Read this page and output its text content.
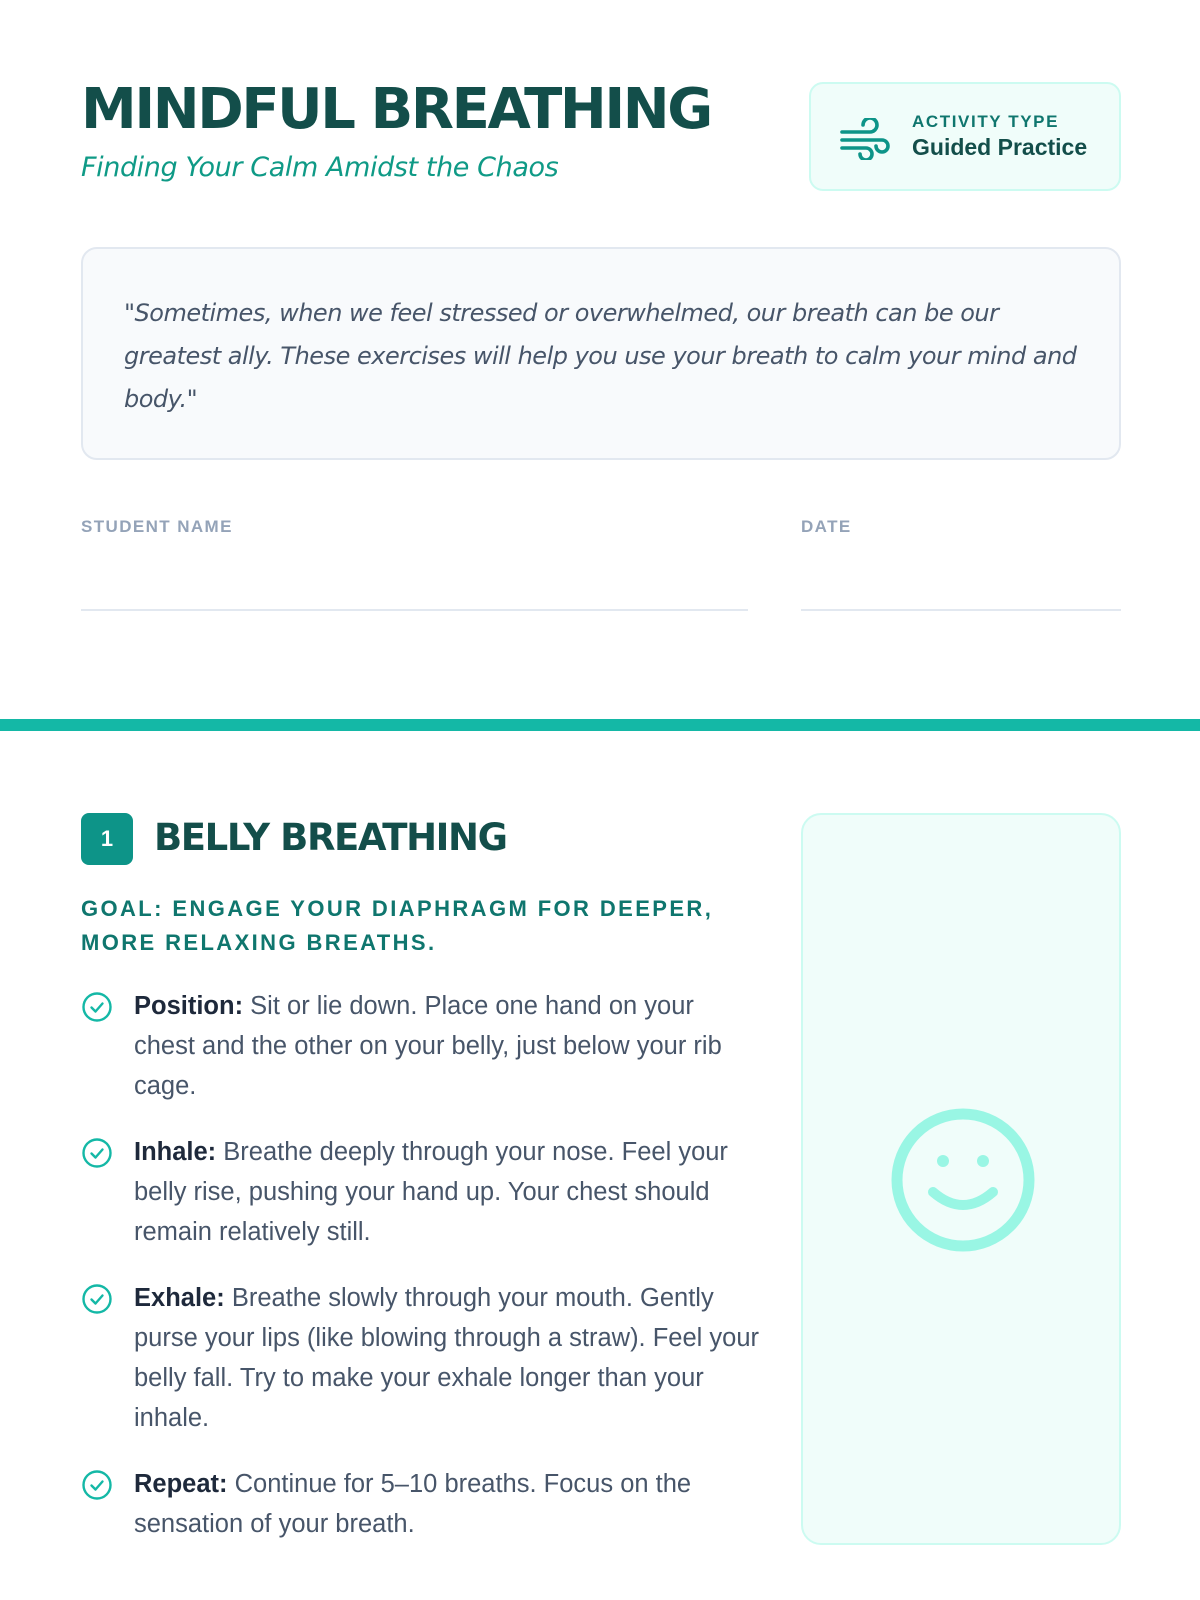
MINDFUL BREATHING
Finding Your Calm Amidst the Chaos
ACTIVITY TYPE
Guided Practice

"Sometimes, when we feel stressed or overwhelmed, our breath can be our greatest ally. These exercises will help you use your breath to calm your mind and body."

STUDENT NAME	DATE
1	BELLY BREATHING
GOAL: ENGAGE YOUR DIAPHRAGM FOR DEEPER, MORE RELAXING BREATHS.
Position: Sit or lie down. Place one hand on your chest and the other on your belly, just below your rib cage.
Inhale: Breathe deeply through your nose. Feel your belly rise, pushing your hand up. Your chest should remain relatively still.
Exhale: Breathe slowly through your mouth. Gently purse your lips (like blowing through a straw). Feel your belly fall. Try to make your exhale longer than your inhale.
Repeat: Continue for 5–10 breaths. Focus on the sensation of your breath.
